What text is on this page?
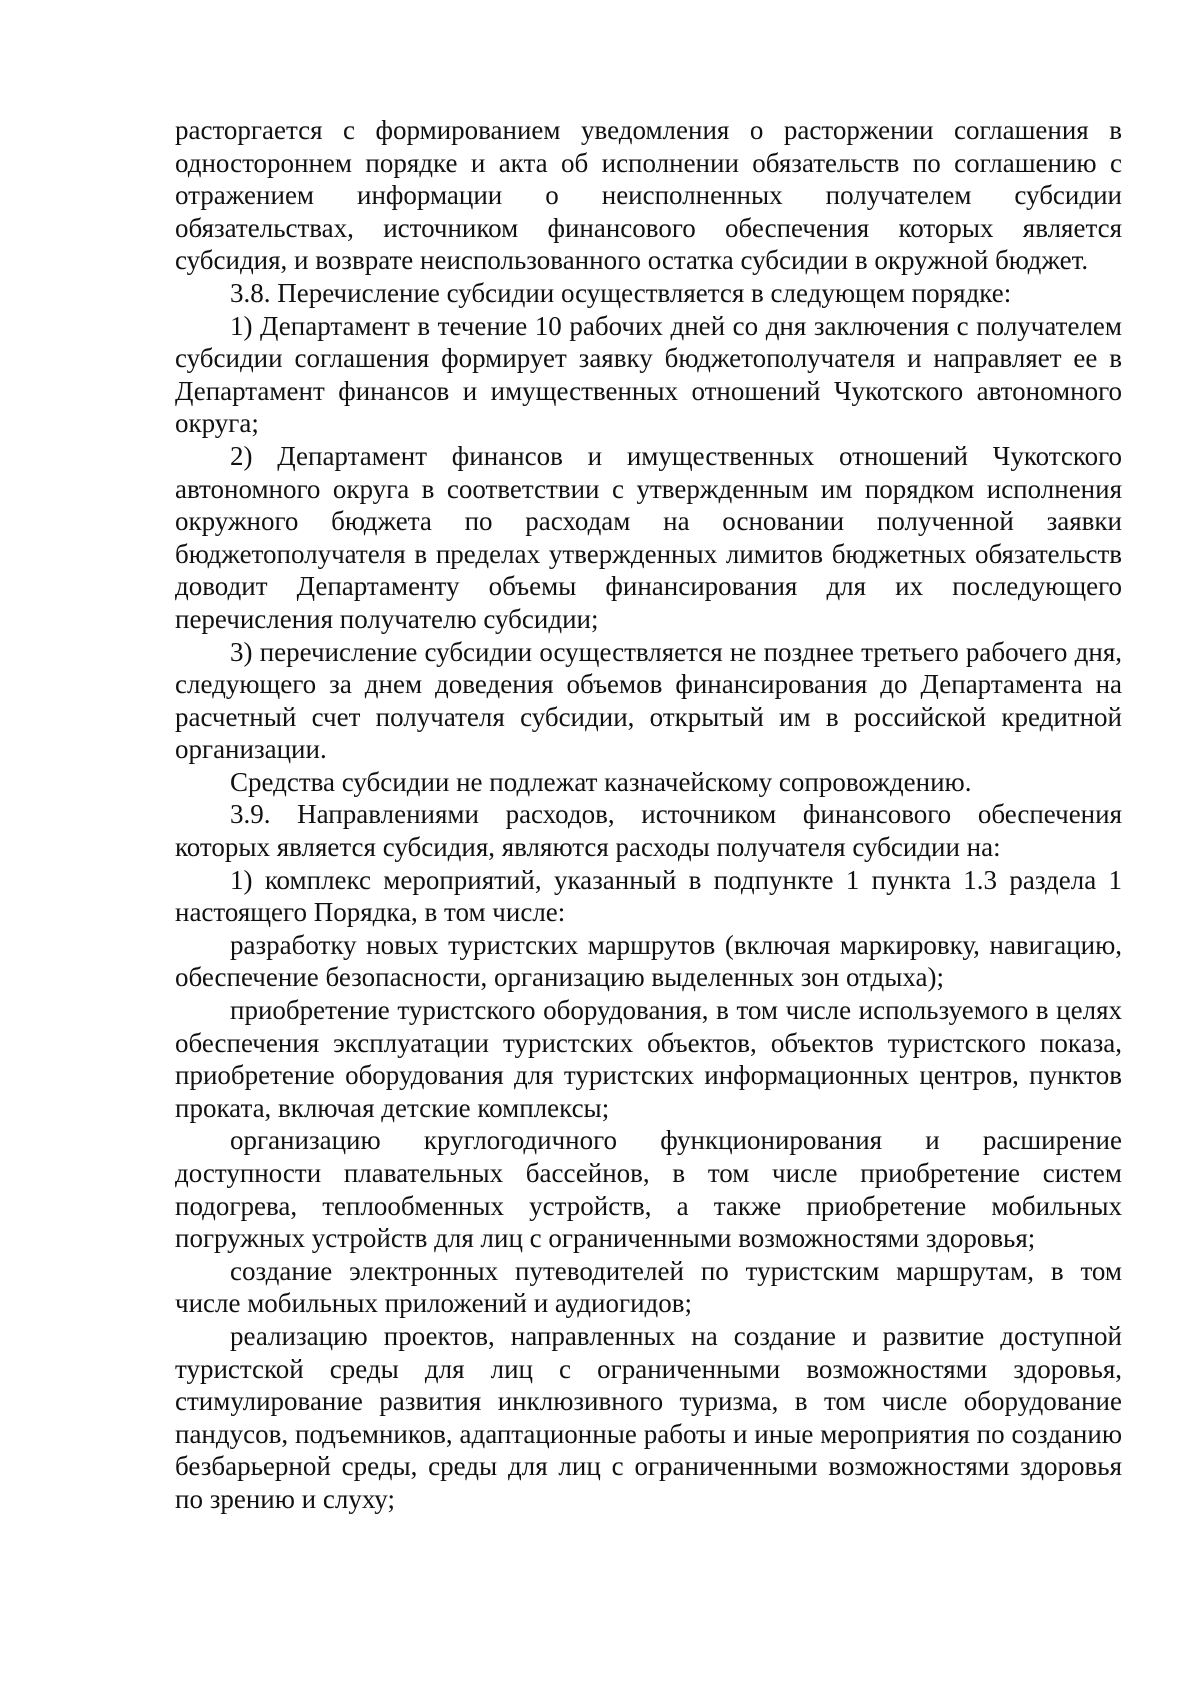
расторгается с формированием уведомления о расторжении соглашения в одностороннем порядке и акта об исполнении обязательств по соглашению с отражением информации о неисполненных получателем субсидии обязательствах, источником финансового обеспечения которых является субсидия, и возврате неиспользованного остатка субсидии в окружной бюджет.

3.8. Перечисление субсидии осуществляется в следующем порядке:

1) Департамент в течение 10 рабочих дней со дня заключения с получателем субсидии соглашения формирует заявку бюджетополучателя и направляет ее в Департамент финансов и имущественных отношений Чукотского автономного округа;

2) Департамент финансов и имущественных отношений Чукотского автономного округа в соответствии с утвержденным им порядком исполнения окружного бюджета по расходам на основании полученной заявки бюджетополучателя в пределах утвержденных лимитов бюджетных обязательств доводит Департаменту объемы финансирования для их последующего перечисления получателю субсидии;

3) перечисление субсидии осуществляется не позднее третьего рабочего дня, следующего за днем доведения объемов финансирования до Департамента на расчетный счет получателя субсидии, открытый им в российской кредитной организации.

Средства субсидии не подлежат казначейскому сопровождению.

3.9. Направлениями расходов, источником финансового обеспечения которых является субсидия, являются расходы получателя субсидии на:

1) комплекс мероприятий, указанный в подпункте 1 пункта 1.3 раздела 1 настоящего Порядка, в том числе:

разработку новых туристских маршрутов (включая маркировку, навигацию, обеспечение безопасности, организацию выделенных зон отдыха);

приобретение туристского оборудования, в том числе используемого в целях обеспечения эксплуатации туристских объектов, объектов туристского показа, приобретение оборудования для туристских информационных центров, пунктов проката, включая детские комплексы;

организацию круглогодичного функционирования и расширение доступности плавательных бассейнов, в том числе приобретение систем подогрева, теплообменных устройств, а также приобретение мобильных погружных устройств для лиц с ограниченными возможностями здоровья;

создание электронных путеводителей по туристским маршрутам, в том числе мобильных приложений и аудиогидов;

реализацию проектов, направленных на создание и развитие доступной туристской среды для лиц с ограниченными возможностями здоровья, стимулирование развития инклюзивного туризма, в том числе оборудование пандусов, подъемников, адаптационные работы и иные мероприятия по созданию безбарьерной среды, среды для лиц с ограниченными возможностями здоровья по зрению и слуху;
